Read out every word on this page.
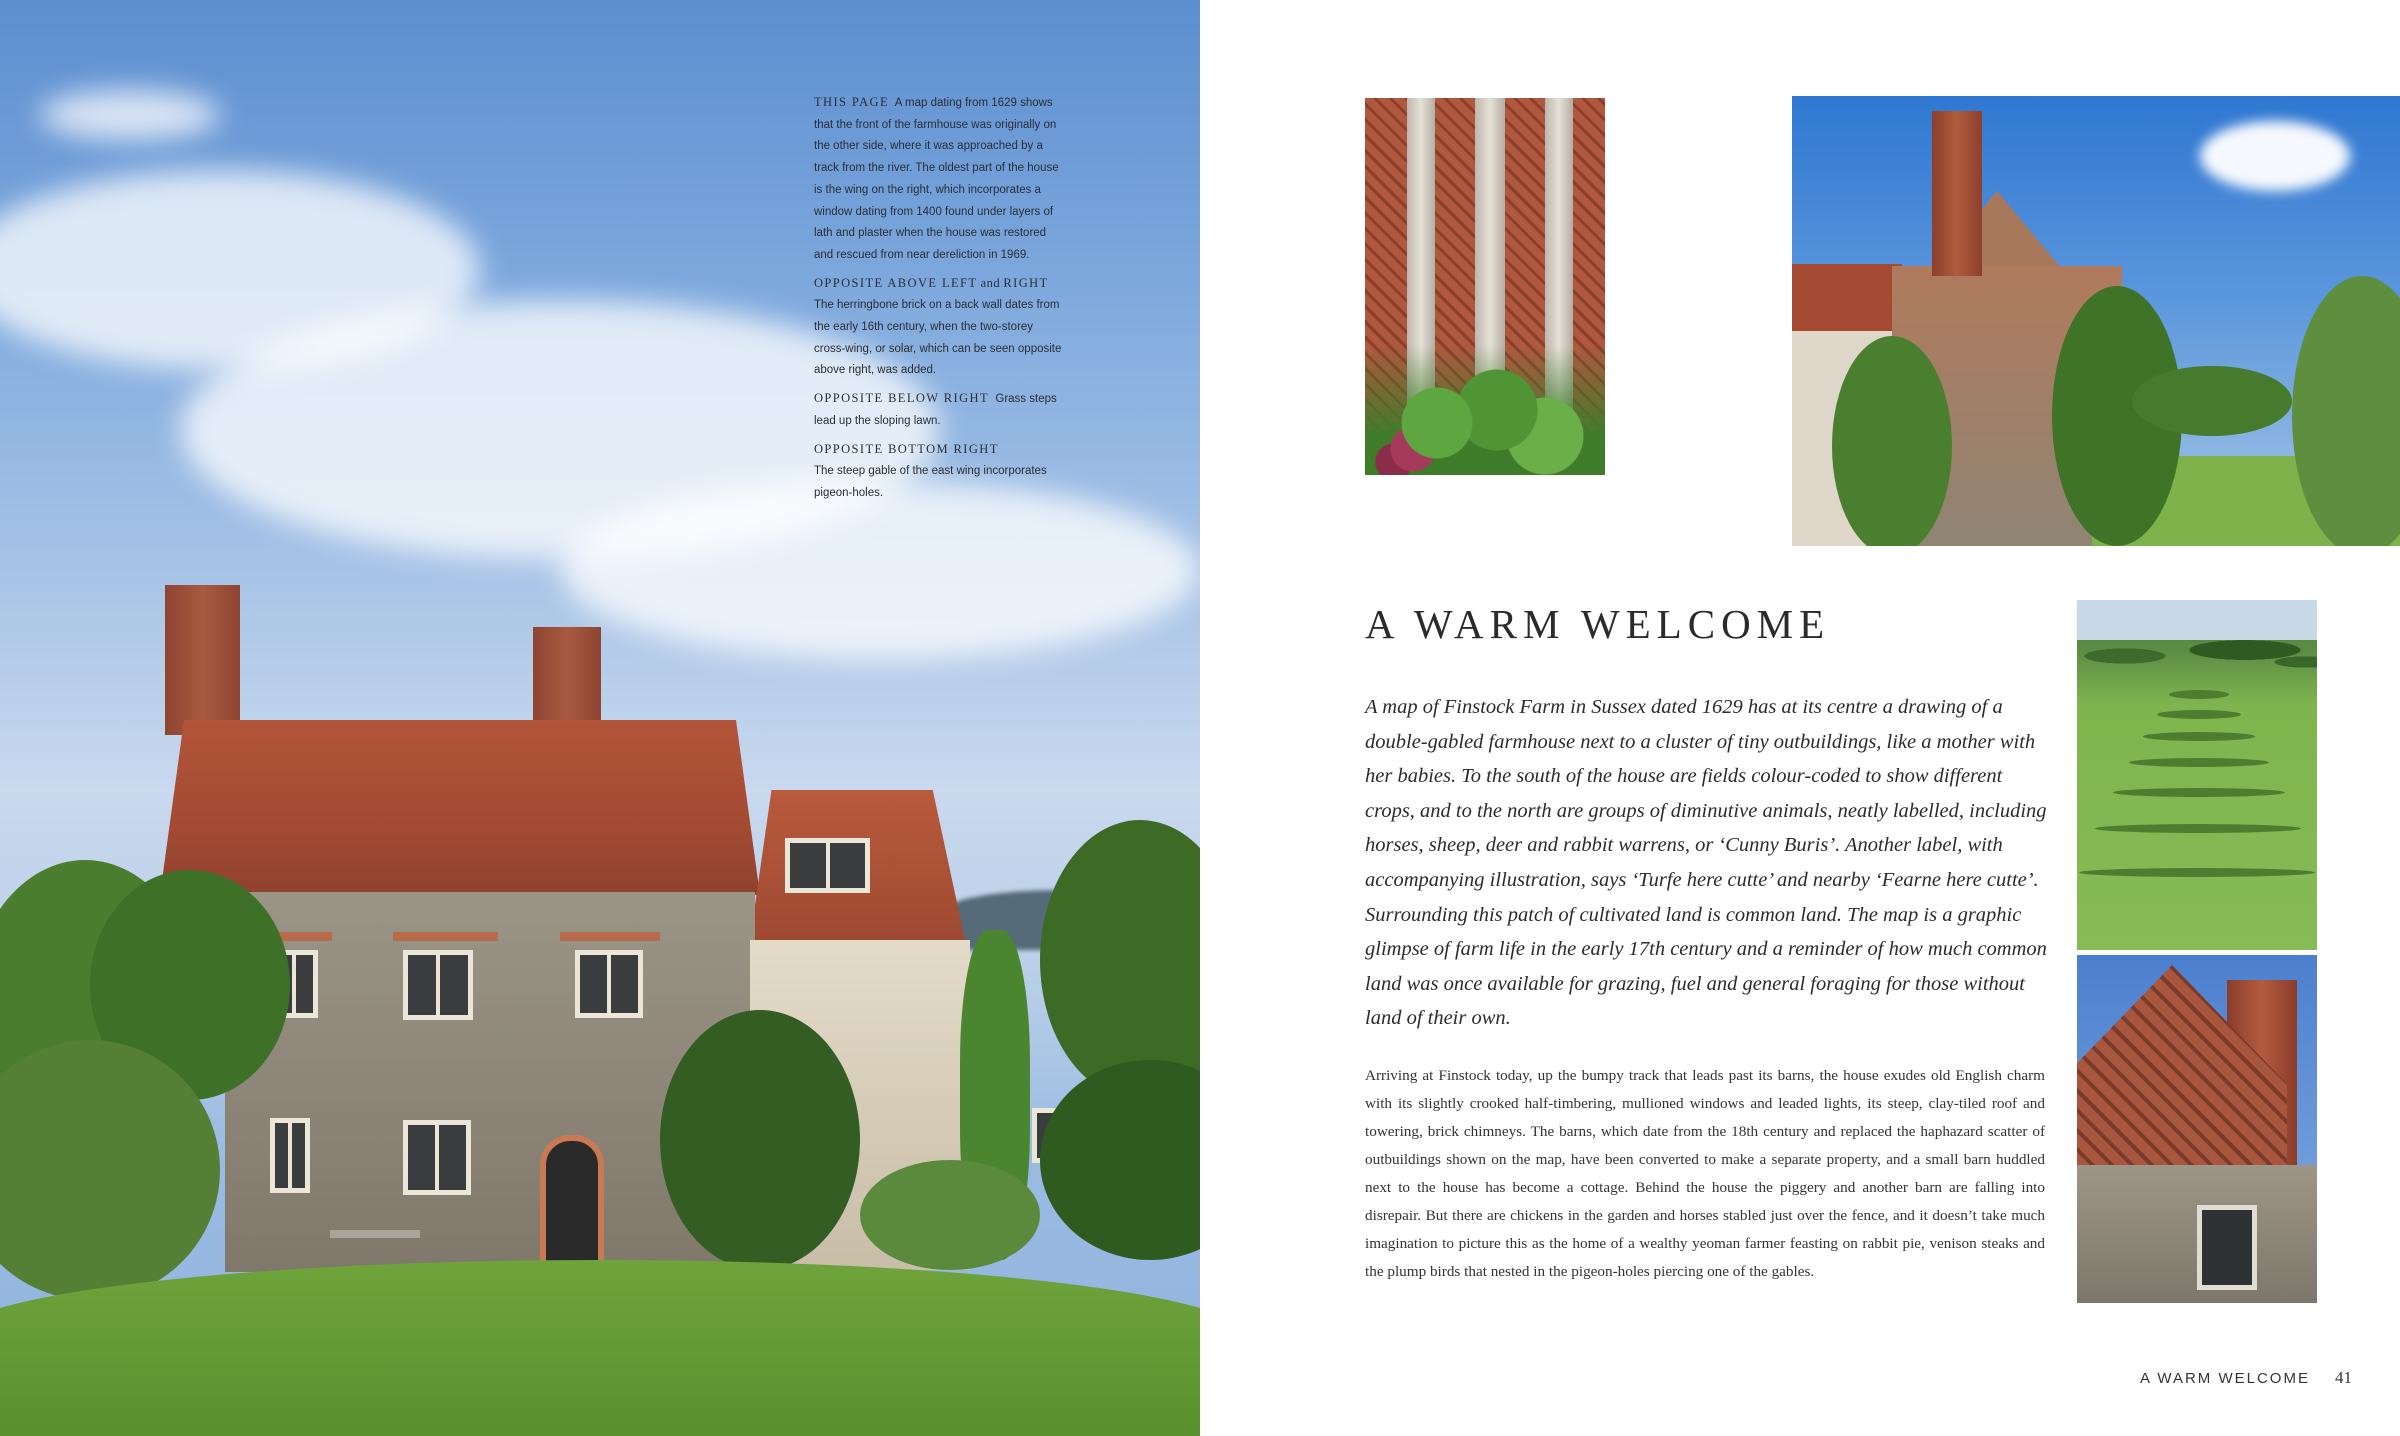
THIS PAGE A map dating from 1629 shows that the front of the farmhouse was originally on the other side, where it was approached by a track from the river. The oldest part of the house is the wing on the right, which incorporates a window dating from 1400 found under layers of lath and plaster when the house was restored and rescued from near dereliction in 1969.

OPPOSITE ABOVE LEFT and RIGHT The herringbone brick on a back wall dates from the early 16th century, when the two-storey cross-wing, or solar, which can be seen opposite above right, was added.

OPPOSITE BELOW RIGHT Grass steps lead up the sloping lawn.

OPPOSITE BOTTOM RIGHT
The steep gable of the east wing incorporates pigeon-holes.

A WARM WELCOME

A map of Finstock Farm in Sussex dated 1629 has at its centre a drawing of a double-gabled farmhouse next to a cluster of tiny outbuildings, like a mother with her babies. To the south of the house are fields colour-coded to show different crops, and to the north are groups of diminutive animals, neatly labelled, including horses, sheep, deer and rabbit warrens, or ‘Cunny Buris’. Another label, with accompanying illustration, says ‘Turfe here cutte’ and nearby ‘Fearne here cutte’. Surrounding this patch of cultivated land is common land. The map is a graphic glimpse of farm life in the early 17th century and a reminder of how much common land was once available for grazing, fuel and general foraging for those without land of their own.

Arriving at Finstock today, up the bumpy track that leads past its barns, the house exudes old English charm with its slightly crooked half-timbering, mullioned windows and leaded lights, its steep, clay-tiled roof and towering, brick chimneys. The barns, which date from the 18th century and replaced the haphazard scatter of outbuildings shown on the map, have been converted to make a separate property, and a small barn huddled next to the house has become a cottage. Behind the house the piggery and another barn are falling into disrepair. But there are chickens in the garden and horses stabled just over the fence, and it doesn’t take much imagination to picture this as the home of a wealthy yeoman farmer feasting on rabbit pie, venison steaks and the plump birds that nested in the pigeon-holes piercing one of the gables.

A WARM WELCOME 41
